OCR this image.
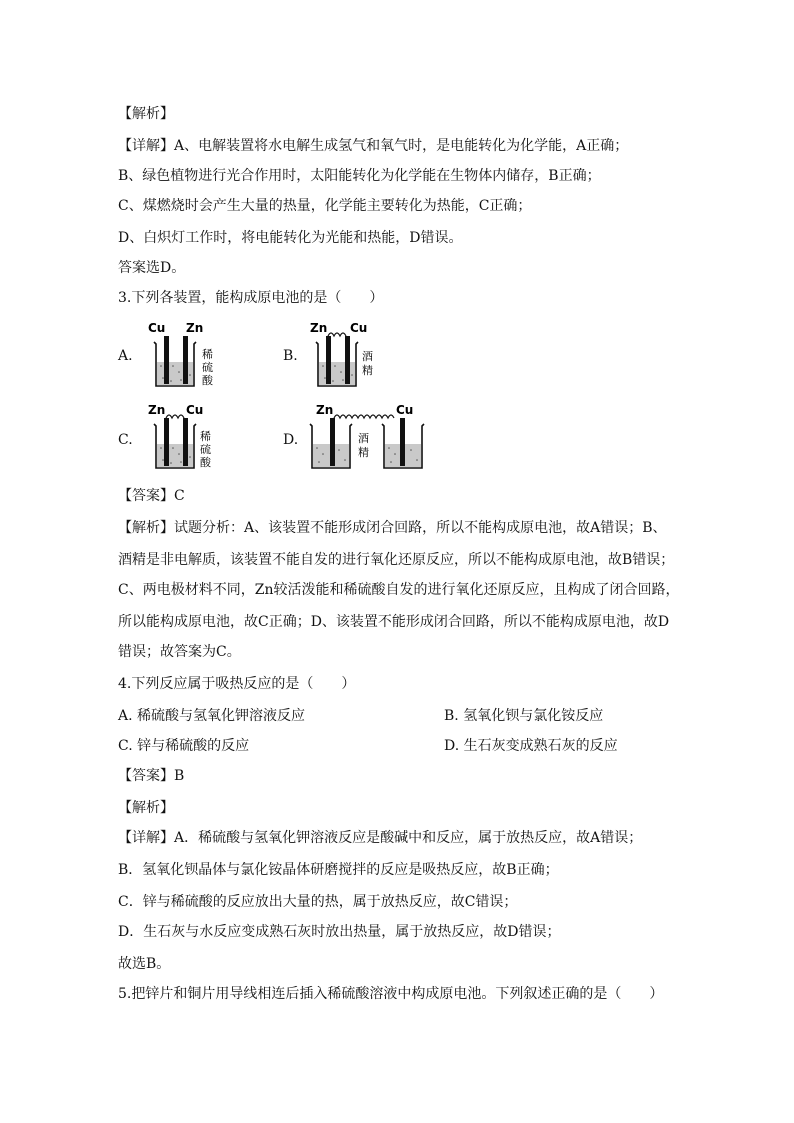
【解析】
【详解】A、电解装置将水电解生成氢气和氧气时，是电能转化为化学能，A正确；
B、绿色植物进行光合作用时，太阳能转化为化学能在生物体内储存，B正确；
C、煤燃烧时会产生大量的热量，化学能主要转化为热能，C正确；
D、白炽灯工作时，将电能转化为光能和热能，D错误。
答案选D。
3.下列各装置，能构成原电池的是（　　）
A.
Cu Zn
稀
硫
酸
B.
Zn Cu
酒
精
C.
Zn Cu
稀
硫
酸
D.
Zn	Cu
酒
精
【答案】C
【解析】试题分析：A、该装置不能形成闭合回路，所以不能构成原电池，故A错误；B、
酒精是非电解质，该装置不能自发的进行氧化还原反应，所以不能构成原电池，故B错误；
C、两电极材料不同，Zn较活泼能和稀硫酸自发的进行氧化还原反应，且构成了闭合回路，
所以能构成原电池，故C正确；D、该装置不能形成闭合回路，所以不能构成原电池，故D
错误；故答案为C。
4.下列反应属于吸热反应的是（　　）
A. 稀硫酸与氢氧化钾溶液反应	B. 氢氧化钡与氯化铵反应
C. 锌与稀硫酸的反应	D. 生石灰变成熟石灰的反应
【答案】B
【解析】
【详解】A．稀硫酸与氢氧化钾溶液反应是酸碱中和反应，属于放热反应，故A错误；
B．氢氧化钡晶体与氯化铵晶体研磨搅拌的反应是吸热反应，故B正确；
C．锌与稀硫酸的反应放出大量的热，属于放热反应，故C错误；
D．生石灰与水反应变成熟石灰时放出热量，属于放热反应，故D错误；
故选B。
5.把锌片和铜片用导线相连后插入稀硫酸溶液中构成原电池。下列叙述正确的是（　　）
